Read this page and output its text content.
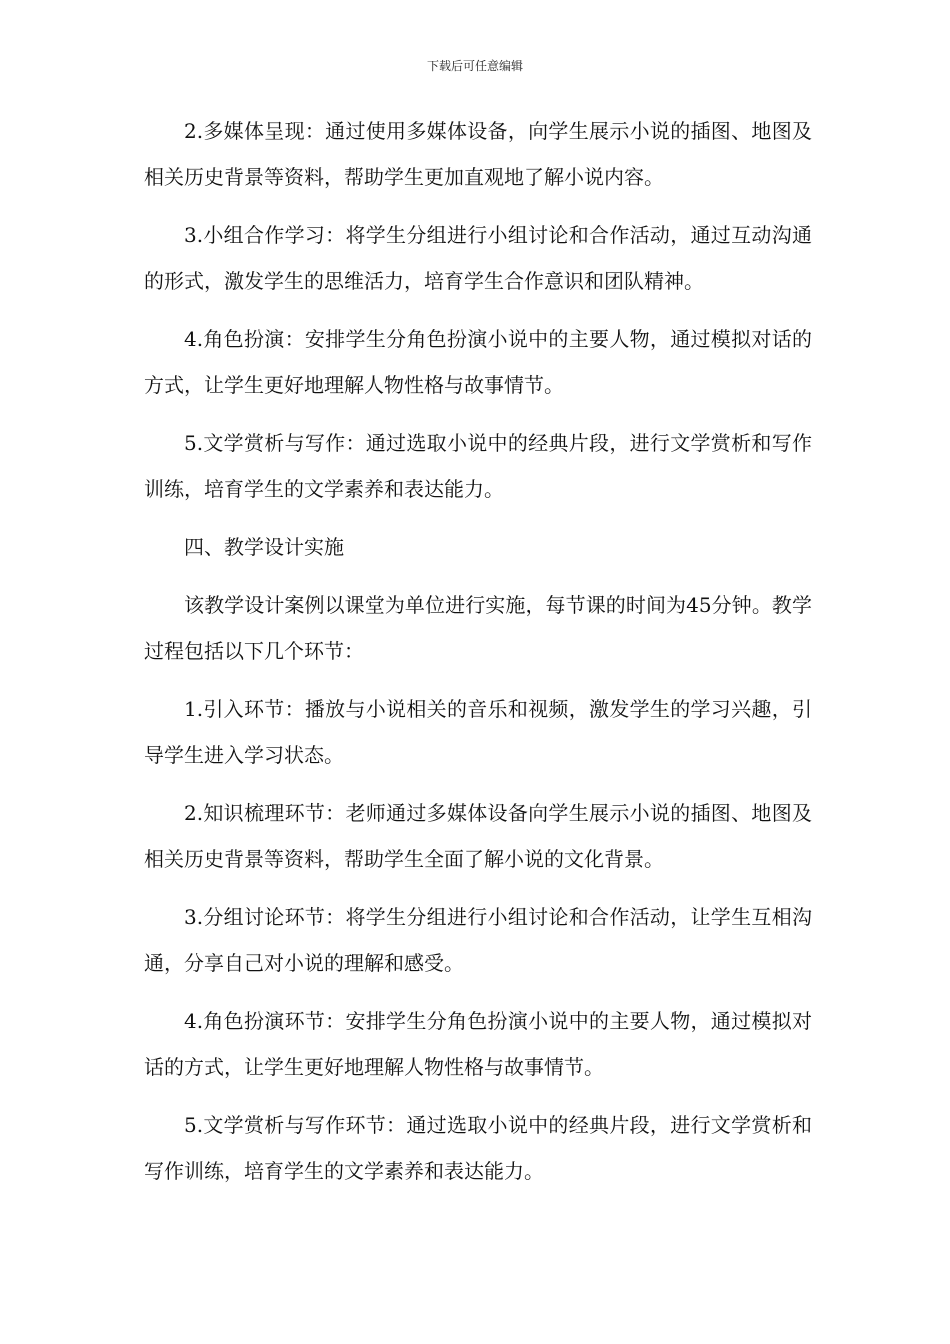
下载后可任意编辑

2.多媒体呈现：通过使用多媒体设备，向学生展示小说的插图、地图及相关历史背景等资料，帮助学生更加直观地了解小说内容。

3.小组合作学习：将学生分组进行小组讨论和合作活动，通过互动沟通的形式，激发学生的思维活力，培育学生合作意识和团队精神。

4.角色扮演：安排学生分角色扮演小说中的主要人物，通过模拟对话的方式，让学生更好地理解人物性格与故事情节。

5.文学赏析与写作：通过选取小说中的经典片段，进行文学赏析和写作训练，培育学生的文学素养和表达能力。

四、教学设计实施

该教学设计案例以课堂为单位进行实施，每节课的时间为45分钟。教学过程包括以下几个环节：

1.引入环节：播放与小说相关的音乐和视频，激发学生的学习兴趣，引导学生进入学习状态。

2.知识梳理环节：老师通过多媒体设备向学生展示小说的插图、地图及相关历史背景等资料，帮助学生全面了解小说的文化背景。

3.分组讨论环节：将学生分组进行小组讨论和合作活动，让学生互相沟通，分享自己对小说的理解和感受。

4.角色扮演环节：安排学生分角色扮演小说中的主要人物，通过模拟对话的方式，让学生更好地理解人物性格与故事情节。

5.文学赏析与写作环节：通过选取小说中的经典片段，进行文学赏析和写作训练，培育学生的文学素养和表达能力。
